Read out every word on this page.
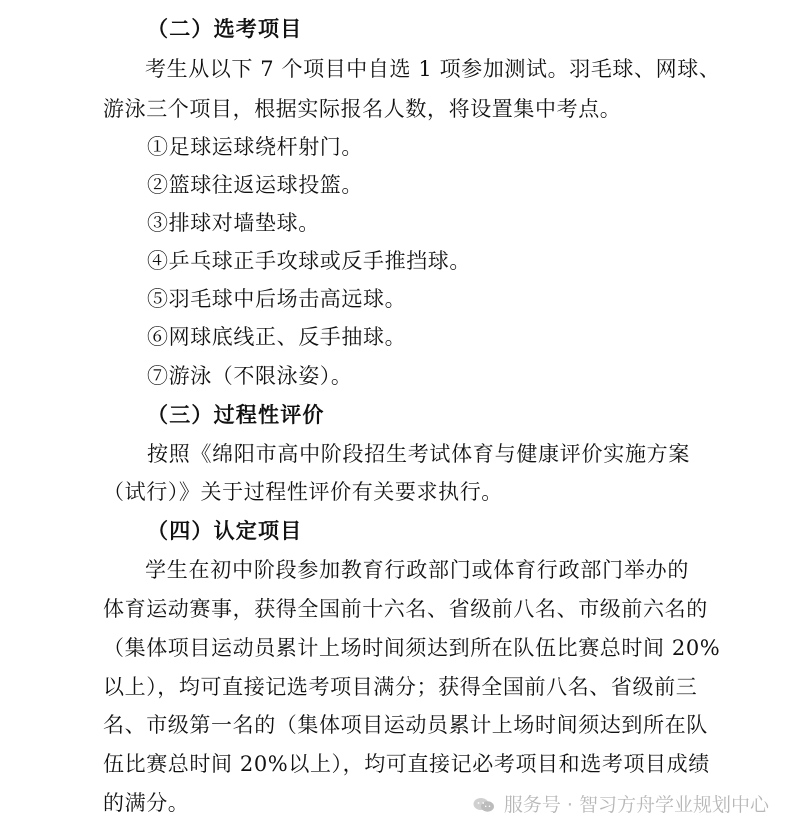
（二）选考项目
考生从以下 7 个项目中自选 1 项参加测试。羽毛球、网球、
游泳三个项目，根据实际报名人数，将设置集中考点。
①足球运球绕杆射门。
②篮球往返运球投篮。
③排球对墙垫球。
④乒乓球正手攻球或反手推挡球。
⑤羽毛球中后场击高远球。
⑥网球底线正、反手抽球。
⑦游泳（不限泳姿）。
（三）过程性评价
按照《绵阳市高中阶段招生考试体育与健康评价实施方案
（试行）》关于过程性评价有关要求执行。
（四）认定项目
学生在初中阶段参加教育行政部门或体育行政部门举办的
体育运动赛事，获得全国前十六名、省级前八名、市级前六名的
（集体项目运动员累计上场时间须达到所在队伍比赛总时间 20%
以上），均可直接记选考项目满分；获得全国前八名、省级前三
名、市级第一名的（集体项目运动员累计上场时间须达到所在队
伍比赛总时间 20%以上），均可直接记必考项目和选考项目成绩
的满分。	服务号 · 智习方舟学业规划中心
